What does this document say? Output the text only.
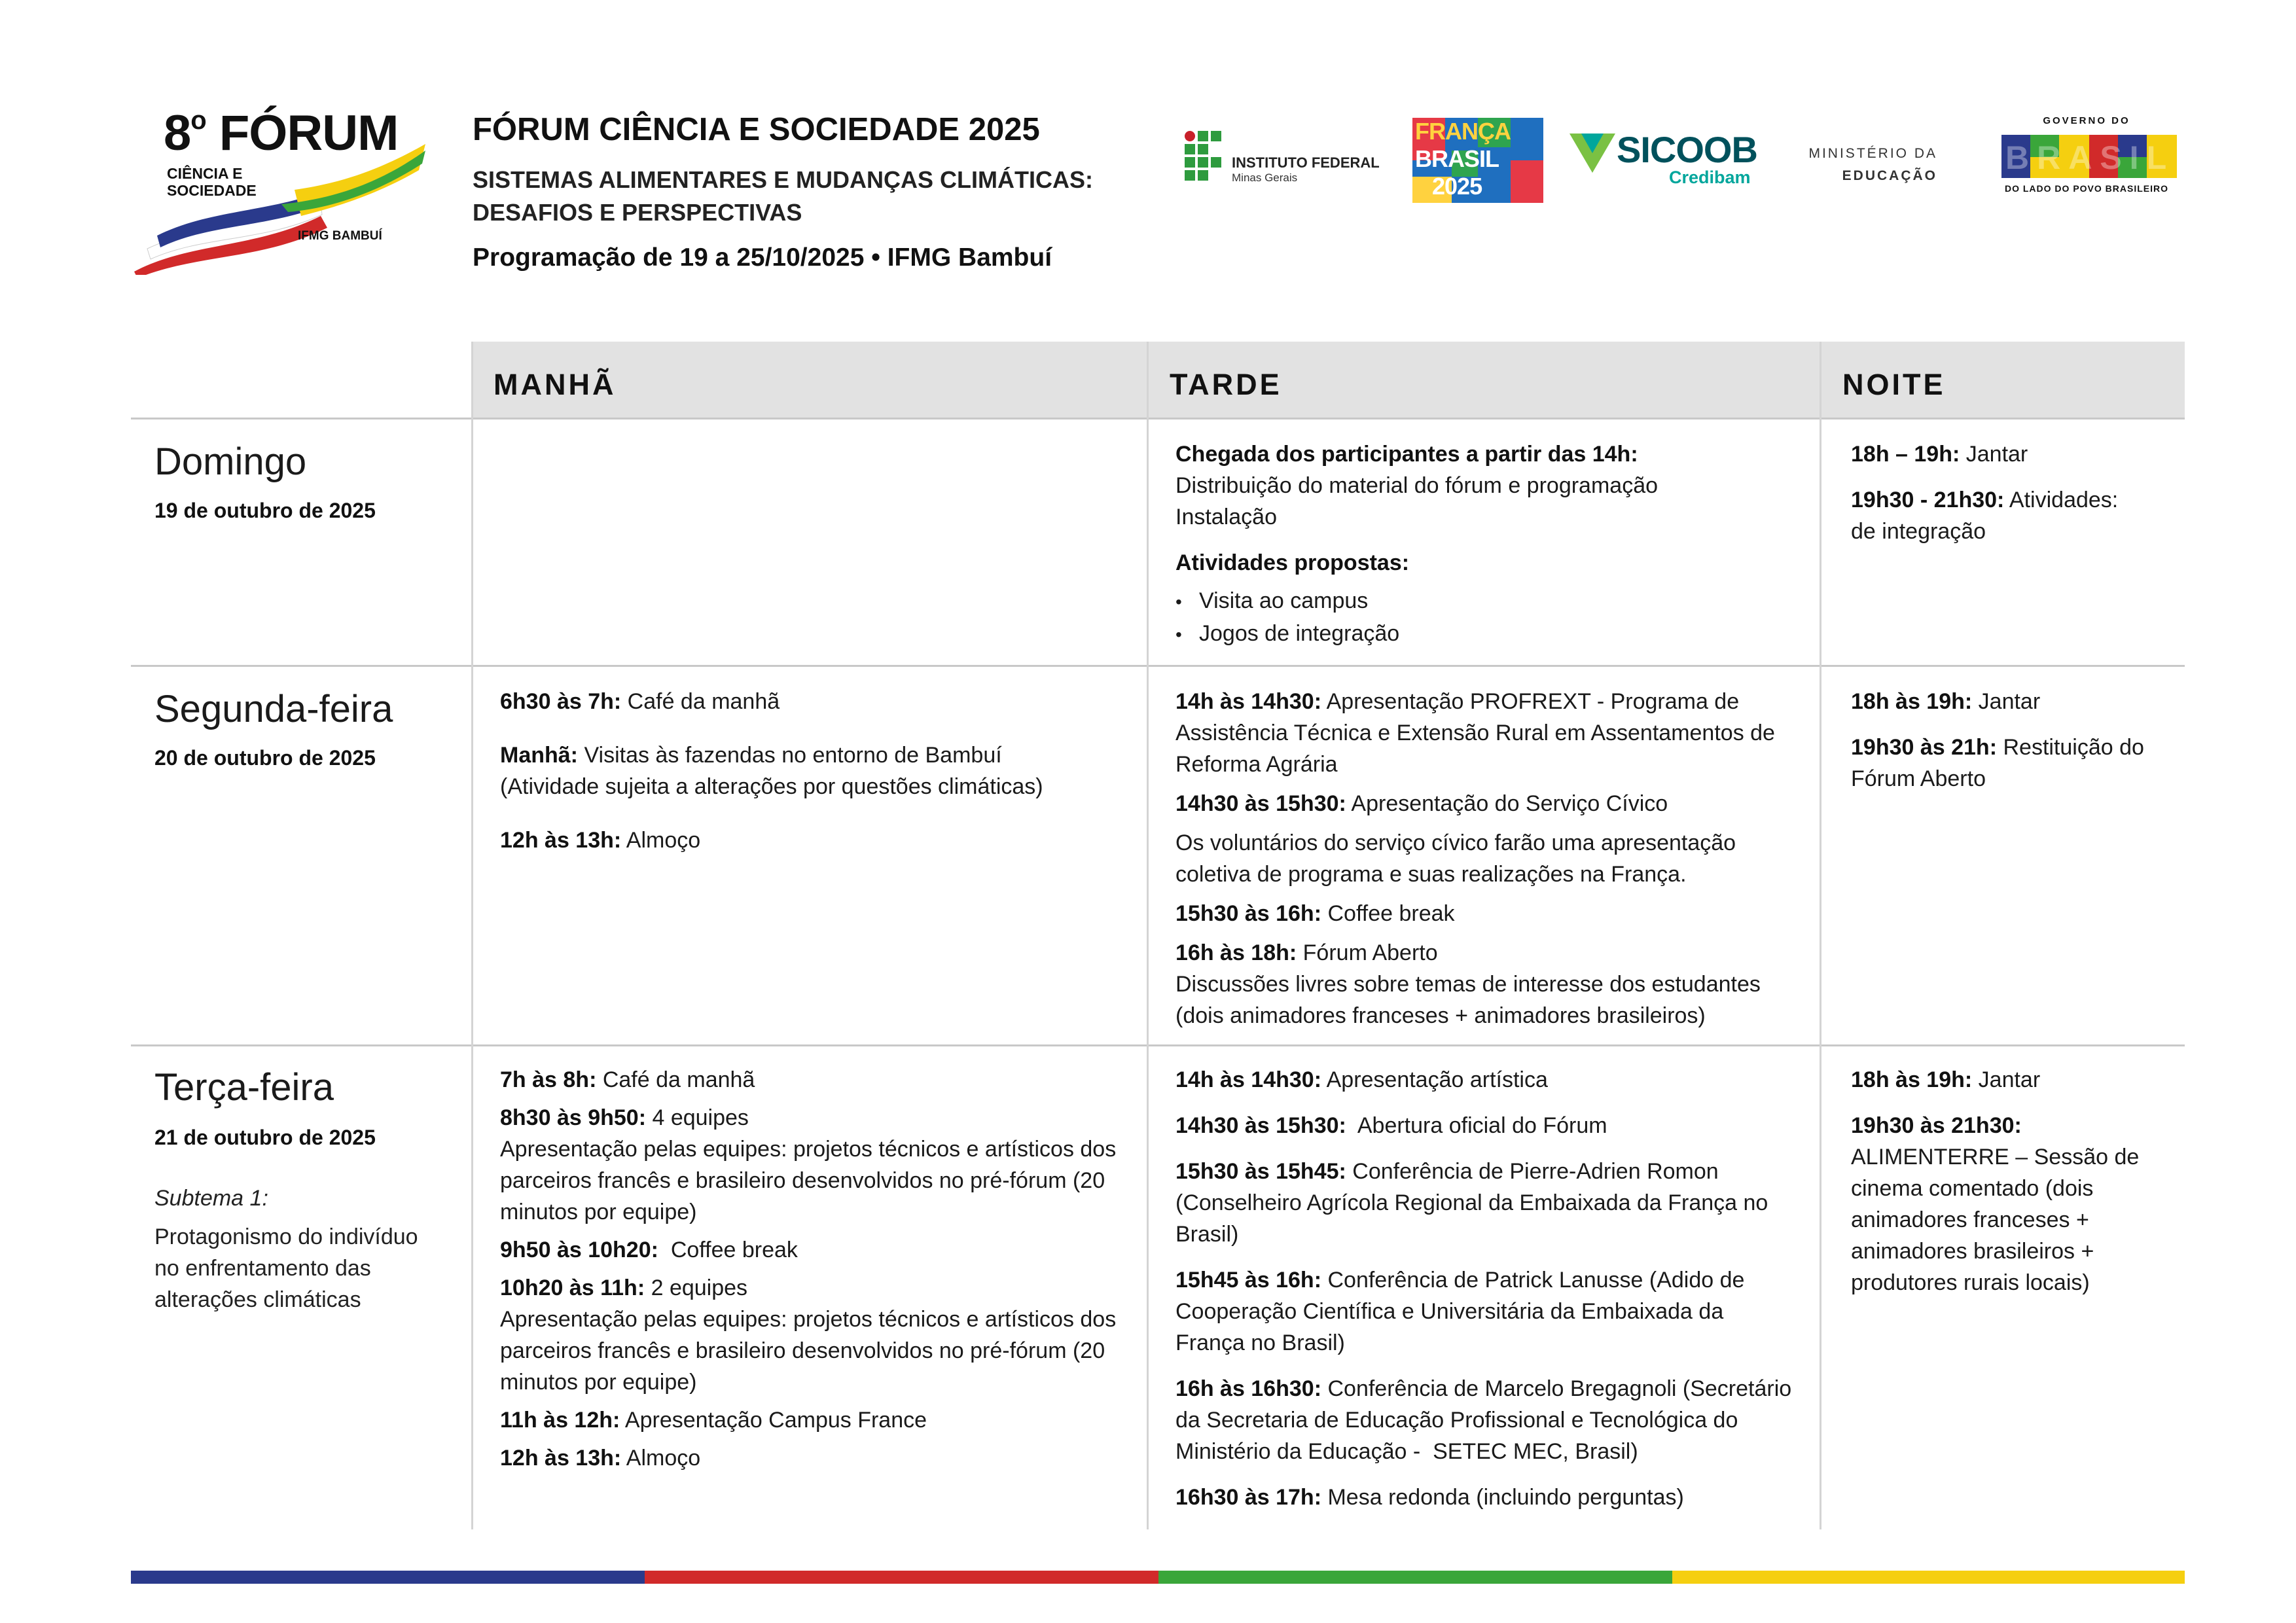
8$^o$ FÓRUM
CIÊNCIA E
SOCIEDADE
IFMG BAMBUÍ
FÓRUM CIÊNCIA E SOCIEDADE 2025
SISTEMAS ALIMENTARES E MUDANÇAS CLIMÁTICAS:
DESAFIOS E PERSPECTIVAS
Programação de 19 a 25/10/2025 • IFMG Bambuí
INSTITUTO FEDERAL
Minas Gerais
FRANÇA
BRASIL
2025
SICOOB
Credibam
MINISTÉRIO DA
EDUCAÇÃO
GOVERNO DO
BRASIL
DO LADO DO POVO BRASILEIRO
MANHÃ	TARDE	NOITE
Domingo
19 de outubro de 2025
Chegada dos participantes a partir das 14h:
Distribuição do material do fórum e programação
Instalação
Atividades propostas:
• Visita ao campus
• Jogos de integração
18h – 19h: Jantar
19h30 - 21h30: Atividades:
de integração
Segunda-feira
20 de outubro de 2025
6h30 às 7h: Café da manhã
Manhã: Visitas às fazendas no entorno de Bambuí
(Atividade sujeita a alterações por questões climáticas)
12h às 13h: Almoço
14h às 14h30: Apresentação PROFREXT - Programa de
Assistência Técnica e Extensão Rural em Assentamentos de
Reforma Agrária
14h30 às 15h30: Apresentação do Serviço Cívico
Os voluntários do serviço cívico farão uma apresentação
coletiva de programa e suas realizações na França.
15h30 às 16h: Coffee break
16h às 18h: Fórum Aberto
Discussões livres sobre temas de interesse dos estudantes
(dois animadores franceses + animadores brasileiros)
18h às 19h: Jantar
19h30 às 21h: Restituição do
Fórum Aberto
Terça-feira
21 de outubro de 2025
Subtema 1:
Protagonismo do indivíduo
no enfrentamento das
alterações climáticas
7h às 8h: Café da manhã
8h30 às 9h50: 4 equipes
Apresentação pelas equipes: projetos técnicos e artísticos dos
parceiros francês e brasileiro desenvolvidos no pré-fórum (20
minutos por equipe)
9h50 às 10h20:  Coffee break
10h20 às 11h: 2 equipes
Apresentação pelas equipes: projetos técnicos e artísticos dos
parceiros francês e brasileiro desenvolvidos no pré-fórum (20
minutos por equipe)
11h às 12h: Apresentação Campus France
12h às 13h: Almoço
14h às 14h30: Apresentação artística
14h30 às 15h30:  Abertura oficial do Fórum
15h30 às 15h45: Conferência de Pierre-Adrien Romon
(Conselheiro Agrícola Regional da Embaixada da França no
Brasil)
15h45 às 16h: Conferência de Patrick Lanusse (Adido de
Cooperação Científica e Universitária da Embaixada da
França no Brasil)
16h às 16h30: Conferência de Marcelo Bregagnoli (Secretário
da Secretaria de Educação Profissional e Tecnológica do
Ministério da Educação -  SETEC MEC, Brasil)
16h30 às 17h: Mesa redonda (incluindo perguntas)
18h às 19h: Jantar
19h30 às 21h30:
ALIMENTERRE – Sessão de
cinema comentado (dois
animadores franceses +
animadores brasileiros +
produtores rurais locais)
